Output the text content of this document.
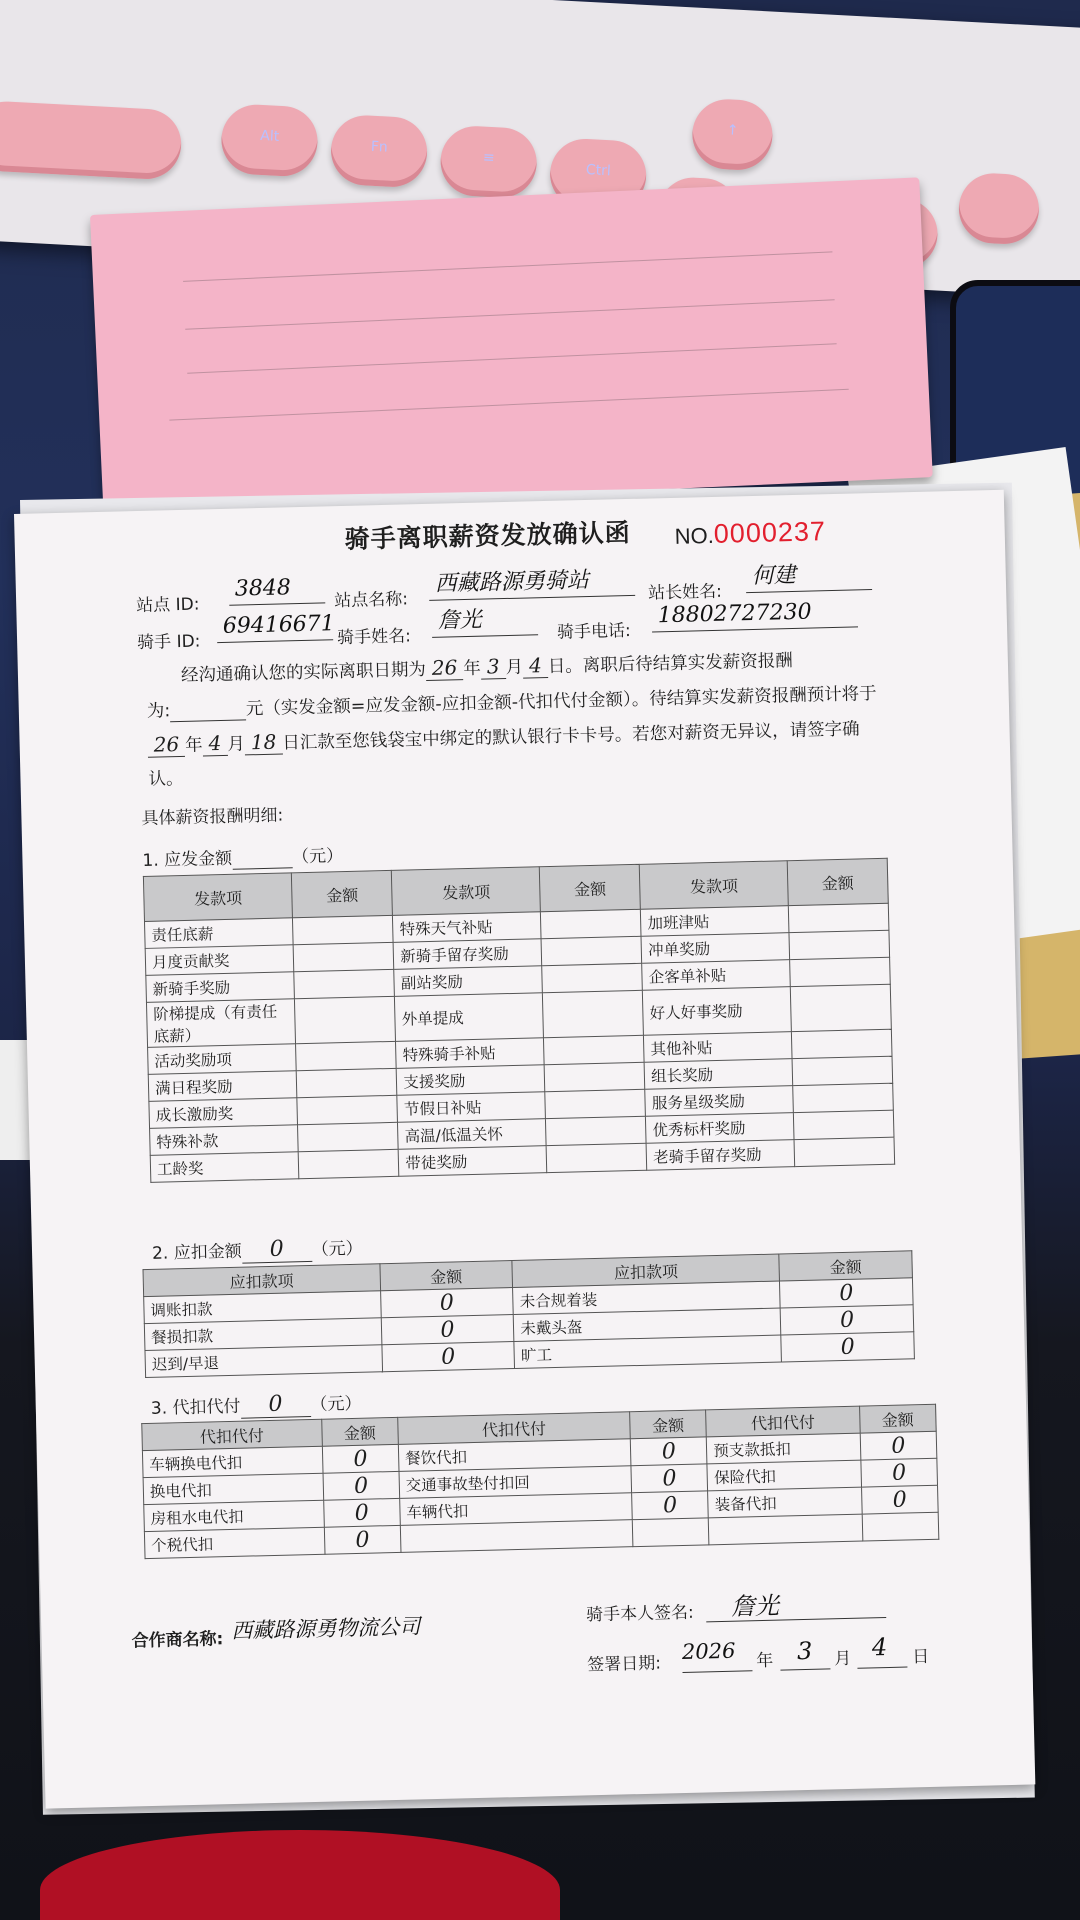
Alt
Fn
≡
Ctrl
↑
骑手离职薪资发放确认函 NO.0000237
站点 ID:
3848	站点名称:
西藏路源勇骑站	站长姓名:
何建
骑手 ID:
69416671 骑手姓名:
詹光	骑手电话:
18802727230
经沟通确认您的实际离职日期为 26 年 3 月 4 日。离职后待结算实发薪资报酬为:	元（实发金额=应发金额-应扣金额-代扣代付金额）。待结算实发薪资报酬预计将于26 年 4 月 18 日汇款至您钱袋宝中绑定的默认银行卡卡号。若您对薪资无异议，请签字确认。
具体薪资报酬明细:
1. 应发金额	（元）
发款项	金额	发款项	金额	发款项	金额
责任底薪		特殊天气补贴		加班津贴	
月度贡献奖		新骑手留存奖励		冲单奖励	
新骑手奖励		副站奖励		企客单补贴	
阶梯提成（有责任底薪）		外单提成		好人好事奖励	
活动奖励项		特殊骑手补贴		其他补贴	
满日程奖励		支援奖励		组长奖励	
成长激励奖		节假日补贴		服务星级奖励	
特殊补款		高温/低温关怀		优秀标杆奖励	
工龄奖		带徒奖励		老骑手留存奖励	
2. 应扣金额 0 （元）
应扣款项	金额	应扣款项	金额
调账扣款	0	未合规着装	0
餐损扣款	0	未戴头盔	0
迟到/早退	0	旷工	0
3. 代扣代付 0 （元）
代扣代付	金额	代扣代付	金额	代扣代付	金额
车辆换电代扣	0	餐饮代扣	0	预支款抵扣	0
换电代扣	0	交通事故垫付扣回	0	保险代扣	0
房租水电代扣	0	车辆代扣	0	装备代扣	0
个税代扣	0				
合作商名称: 西藏路源勇物流公司
骑手本人签名: 詹光
签署日期:
2026 年 3 月 4 日
